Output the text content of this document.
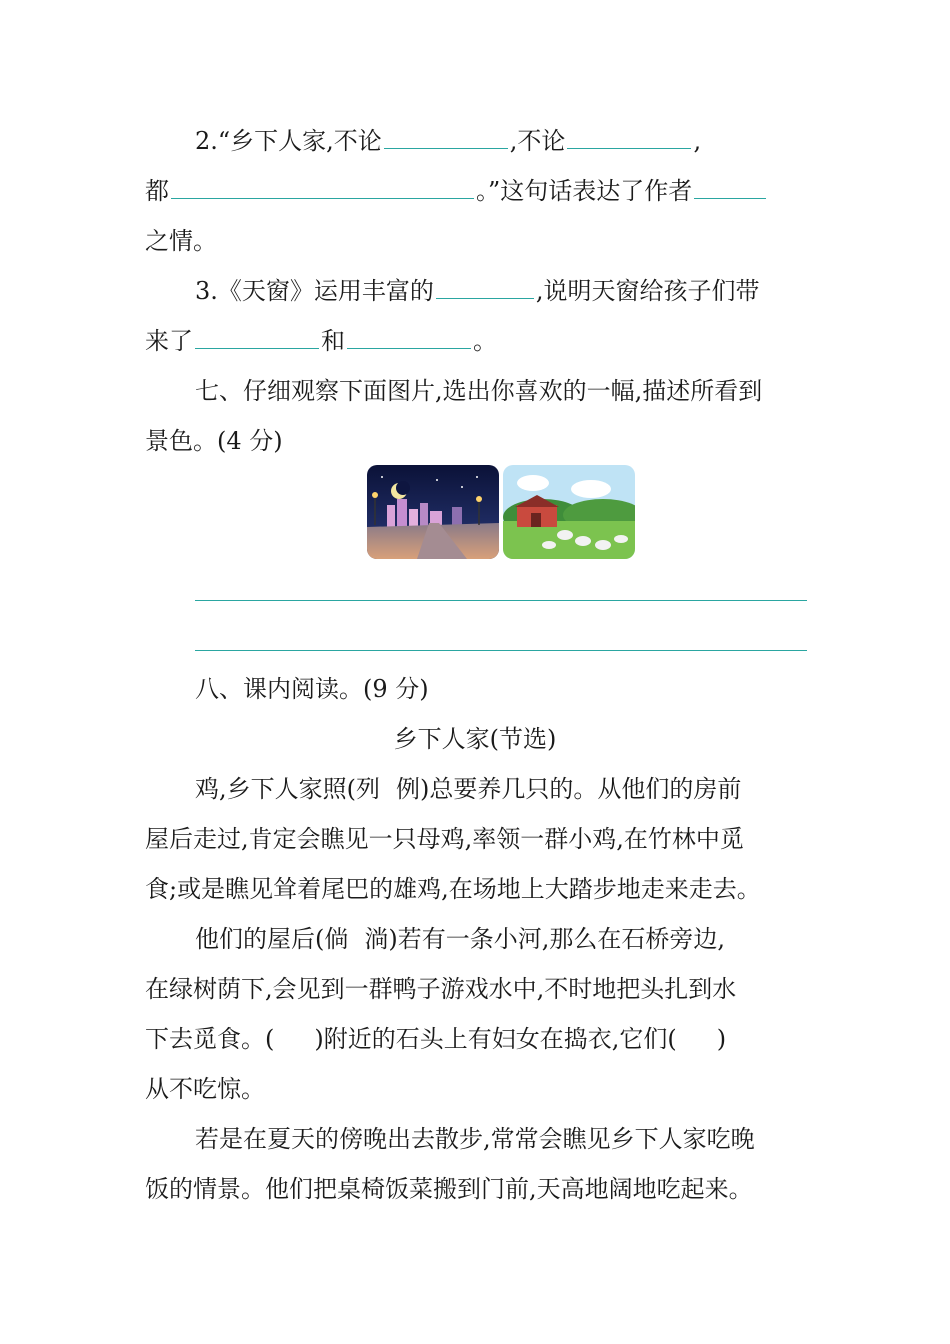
2.“乡下人家,不论	,不论	,
都	。”这句话表达了作者
之情。
3.《天窗》运用丰富的	,说明天窗给孩子们带
来了	和	。
七、仔细观察下面图片,选出你喜欢的一幅,描述所看到
景色。(4 分)
八、课内阅读。(9 分)
乡下人家(节选)
鸡,乡下人家照(列 例)总要养几只的。从他们的房前
屋后走过,肯定会瞧见一只母鸡,率领一群小鸡,在竹林中觅
食;或是瞧见耸着尾巴的雄鸡,在场地上大踏步地走来走去。
他们的屋后(倘 淌)若有一条小河,那么在石桥旁边,
在绿树荫下,会见到一群鸭子游戏水中,不时地把头扎到水
下去觅食。( )附近的石头上有妇女在捣衣,它们( )
从不吃惊。
若是在夏天的傍晚出去散步,常常会瞧见乡下人家吃晚
饭的情景。他们把桌椅饭菜搬到门前,天高地阔地吃起来。
